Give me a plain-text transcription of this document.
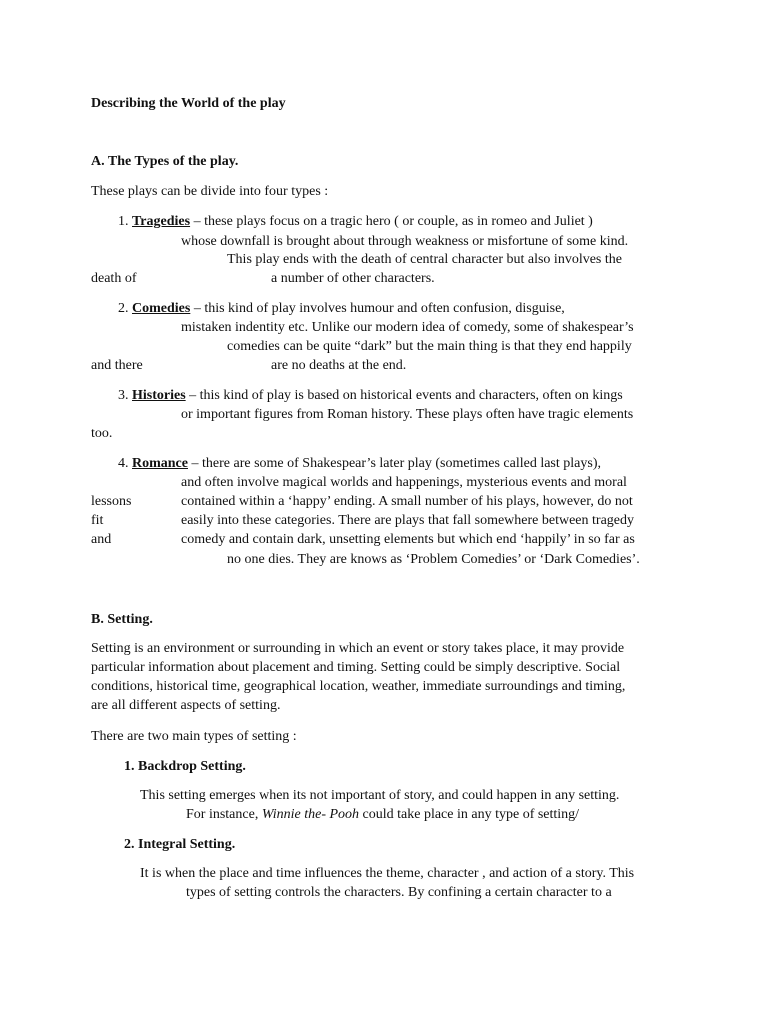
Describing the World of the play
A. The Types of the play.
These plays can be divide into four types :
1. Tragedies – these plays focus on a tragic hero ( or couple, as in romeo and Juliet )
whose downfall is brought about through weakness or misfortune of some kind.
This play ends with the death of central character but also involves the
death of	a number of other characters.
2. Comedies – this kind of play involves humour and often confusion, disguise,
mistaken indentity etc. Unlike our modern idea of comedy, some of shakespear’s
comedies can be quite “dark” but the main thing is that they end happily
and there	are no deaths at the end.
3. Histories – this kind of play is based on historical events and characters, often on kings
or important figures from Roman history. These plays often have tragic elements
too.
4. Romance – there are some of Shakespear’s later play (sometimes called last plays),
and often involve magical worlds and happenings, mysterious events and moral
lessons	contained within a ‘happy’ ending. A small number of his plays, however, do not
fit	easily into these categories. There are plays that fall somewhere between tragedy
and	comedy and contain dark, unsetting elements but which end ‘happily’ in so far as
no one dies. They are knows as ‘Problem Comedies’ or ‘Dark Comedies’.
B. Setting.
Setting is an environment or surrounding in which an event or story takes place, it may provide
particular information about placement and timing. Setting could be simply descriptive. Social
conditions, historical time, geographical location, weather, immediate surroundings and timing,
are all different aspects of setting.
There are two main types of setting :
1. Backdrop Setting.
This setting emerges when its not important of story, and could happen in any setting.
For instance, Winnie the- Pooh could take place in any type of setting/
2. Integral Setting.
It is when the place and time influences the theme, character , and action of a story. This
types of setting controls the characters. By confining a certain character to a
